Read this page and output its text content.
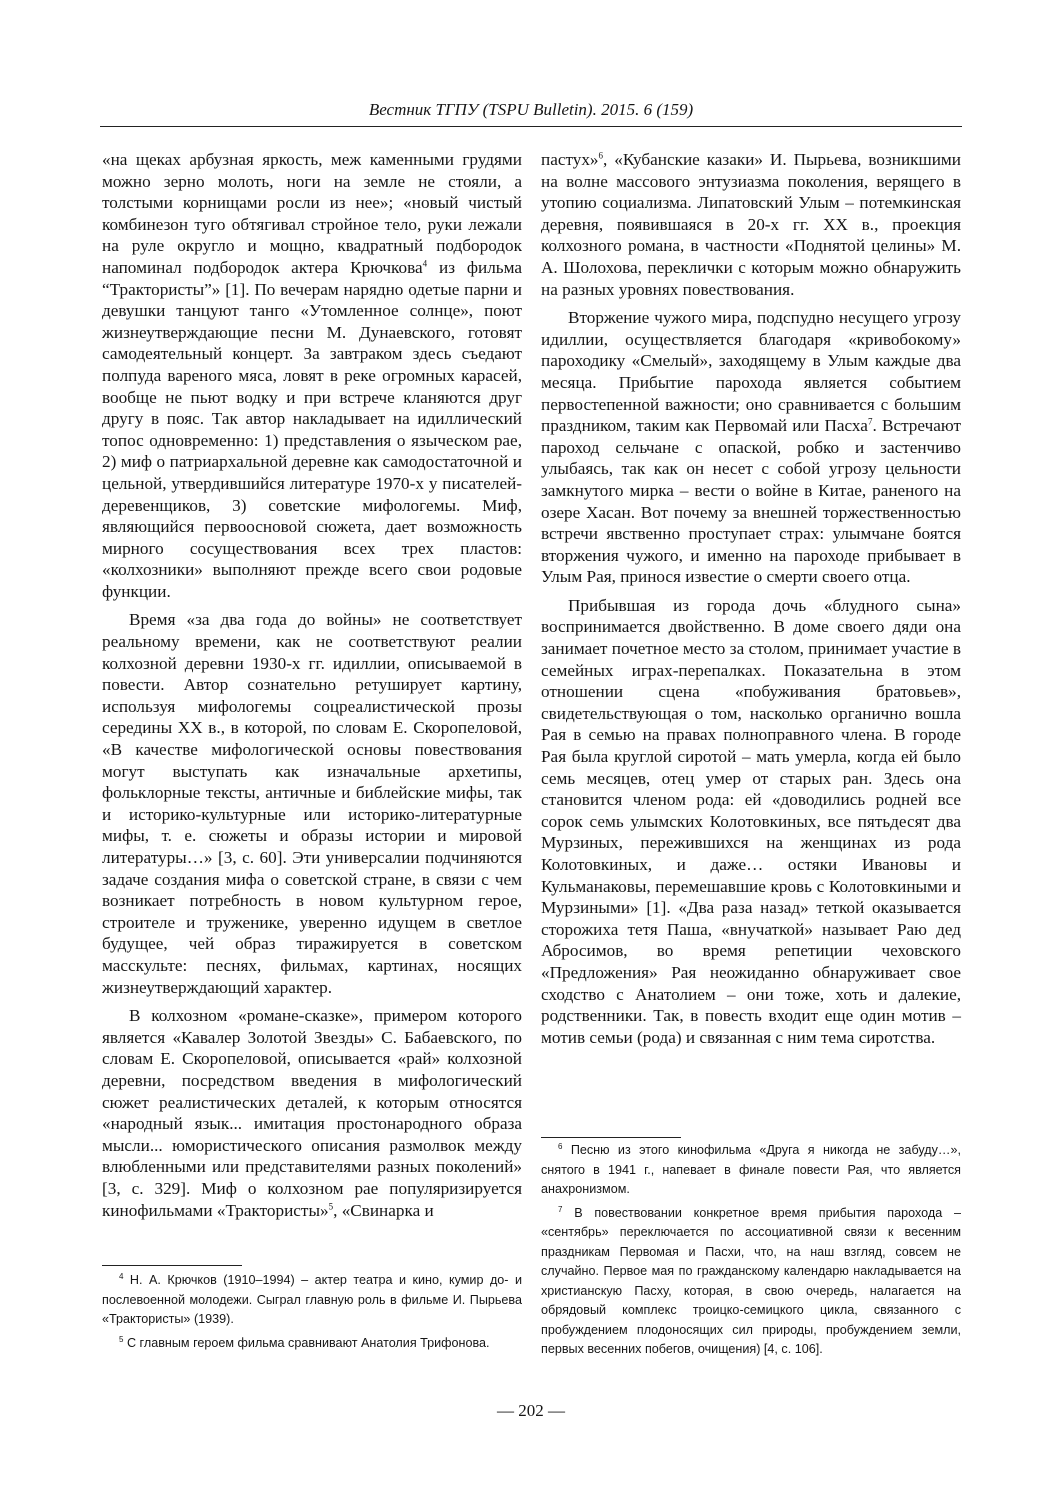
Вестник ТГПУ (TSPU Bulletin). 2015. 6 (159)

«на щеках арбузная яркость, меж каменными грудями можно зерно молоть, ноги на земле не стояли, а толстыми корнищами росли из нее»; «новый чистый комбинезон туго обтягивал стройное тело, руки лежали на руле округло и мощно, квадратный подбородок напоминал подбородок актера Крючкова$^4$ из фильма “Трактористы”» [1]. По вечерам нарядно одетые парни и девушки танцуют танго «Утомленное солнце», поют жизнеутверждающие песни М. Дунаевского, готовят самодеятельный концерт. За завтраком здесь съедают полпуда вареного мяса, ловят в реке огромных карасей, вообще не пьют водку и при встрече кланяются друг другу в пояс. Так автор накладывает на идиллический топос одновременно: 1) представления о языческом рае, 2) миф о патриархальной деревне как самодостаточной и цельной, утвердившийся литературе 1970-х у писателей-деревенщиков, 3) советские мифологемы. Миф, являющийся первоосновой сюжета, дает возможность мирного сосуществования всех трех пластов: «колхозники» выполняют прежде всего свои родовые функции.

Время «за два года до войны» не соответствует реальному времени, как не соответствуют реалии колхозной деревни 1930-х гг. идиллии, описываемой в повести. Автор сознательно ретуширует картину, используя мифологемы соцреалистической прозы середины XX в., в которой, по словам Е. Скоропеловой, «В качестве мифологической основы повествования могут выступать как изначальные архетипы, фольклорные тексты, античные и библейские мифы, так и историко-культурные или историко-литературные мифы, т. е. сюжеты и образы истории и мировой литературы…» [3, с. 60]. Эти универсалии подчиняются задаче создания мифа о советской стране, в связи с чем возникает потребность в новом культурном герое, строителе и труженике, уверенно идущем в светлое будущее, чей образ тиражируется в советском масскультe: песнях, фильмах, картинах, носящих жизнеутверждающий характер.

В колхозном «романе-сказке», примером которого является «Кавалер Золотой Звезды» С. Бабаевского, по словам Е. Скоропеловой, описывается «рай» колхозной деревни, посредством введения в мифологический сюжет реалистических деталей, к которым относятся «народный язык... имитация простонародного образа мысли... юмористического описания размолвок между влюбленными или представителями разных поколений» [3, с. 329]. Миф о колхозном рае популяризируется кинофильмами «Трактористы»$^5$, «Свинарка и

пастух»$^6$, «Кубанские казаки» И. Пырьева, возникшими на волне массового энтузиазма поколения, верящего в утопию социализма. Липатовский Улым – потемкинская деревня, появившаяся в 20-х гг. XX в., проекция колхозного романа, в частности «Поднятой целины» М. А. Шолохова, переклички с которым можно обнаружить на разных уровнях повествования.

Вторжение чужого мира, подспудно несущего угрозу идиллии, осуществляется благодаря «кривобокому» пароходику «Смелый», заходящему в Улым каждые два месяца. Прибытие парохода является событием первостепенной важности; оно сравнивается с большим праздником, таким как Первомай или Пасха$^7$. Встречают пароход сельчане с опаской, робко и застенчиво улыбаясь, так как он несет с собой угрозу цельности замкнутого мирка – вести о войне в Китае, раненого на озере Хасан. Вот почему за внешней торжественностью встречи явственно проступает страх: улымчане боятся вторжения чужого, и именно на пароходе прибывает в Улым Рая, принося известие о смерти своего отца.

Прибывшая из города дочь «блудного сына» воспринимается двойственно. В доме своего дяди она занимает почетное место за столом, принимает участие в семейных играх-перепалках. Показательна в этом отношении сцена «побуживания братовьев», свидетельствующая о том, насколько органично вошла Рая в семью на правах полноправного члена. В городе Рая была круглой сиротой – мать умерла, когда ей было семь месяцев, отец умер от старых ран. Здесь она становится членом рода: ей «доводились родней все сорок семь улымских Колотовкиных, все пятьдесят два Мурзиных, пережившихся на женщинах из рода Колотовкиных, и даже… остяки Ивановы и Кульманаковы, перемешавшие кровь с Колотовкиными и Мурзиными» [1]. «Два раза назад» теткой оказывается сторожиха тетя Паша, «внучаткой» называет Раю дед Абросимов, во время репетиции чеховского «Предложения» Рая неожиданно обнаруживает свое сходство с Анатолием – они тоже, хоть и далекие, родственники. Так, в повесть входит еще один мотив – мотив семьи (рода) и связанная с ним тема сиротства.

$^4$ Н. А. Крючков (1910–1994) – актер театра и кино, кумир до- и послевоенной молодежи. Сыграл главную роль в фильме И. Пырьева «Трактористы» (1939).

$^5$ С главным героем фильма сравнивают Анатолия Трифонова.

$^6$ Песню из этого кинофильма «Друга я никогда не забуду…», снятого в 1941 г., напевает в финале повести Рая, что является анахронизмом.

$^7$ В повествовании конкретное время прибытия парохода – «сентябрь» переключается по ассоциативной связи к весенним праздникам Первомая и Пасхи, что, на наш взгляд, совсем не случайно. Первое мая по гражданскому календарю накладывается на христианскую Пасху, которая, в свою очередь, налагается на обрядовый комплекс троицко-семицкого цикла, связанного с пробуждением плодоносящих сил природы, пробуждением земли, первых весенних побегов, очищения) [4, с. 106].

— 202 —
